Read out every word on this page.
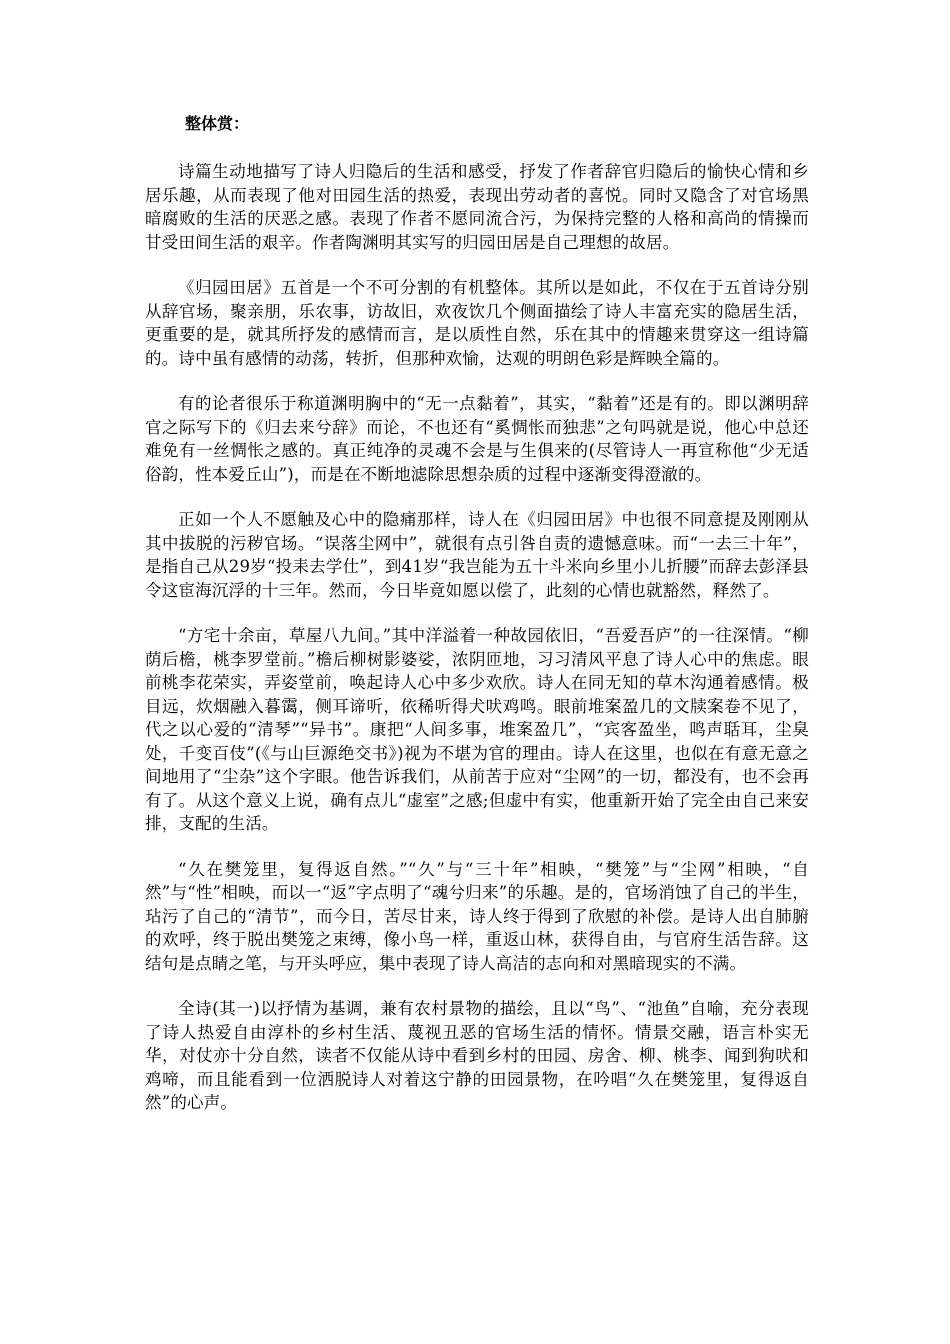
整体赏：

诗篇生动地描写了诗人归隐后的生活和感受，抒发了作者辞官归隐后的愉快心情和乡居乐趣，从而表现了他对田园生活的热爱，表现出劳动者的喜悦。同时又隐含了对官场黑暗腐败的生活的厌恶之感。表现了作者不愿同流合污，为保持完整的人格和高尚的情操而甘受田间生活的艰辛。作者陶渊明其实写的归园田居是自己理想的故居。

《归园田居》五首是一个不可分割的有机整体。其所以是如此，不仅在于五首诗分别从辞官场，聚亲朋，乐农事，访故旧，欢夜饮几个侧面描绘了诗人丰富充实的隐居生活，更重要的是，就其所抒发的感情而言，是以质性自然，乐在其中的情趣来贯穿这一组诗篇的。诗中虽有感情的动荡，转折，但那种欢愉，达观的明朗色彩是辉映全篇的。

有的论者很乐于称道渊明胸中的“无一点黏着”，其实，“黏着”还是有的。即以渊明辞官之际写下的《归去来兮辞》而论，不也还有“奚惆怅而独悲”之句吗就是说，他心中总还难免有一丝惆怅之感的。真正纯净的灵魂不会是与生俱来的(尽管诗人一再宣称他“少无适俗韵，性本爱丘山”)，而是在不断地滤除思想杂质的过程中逐渐变得澄澈的。

正如一个人不愿触及心中的隐痛那样，诗人在《归园田居》中也很不同意提及刚刚从其中拔脱的污秽官场。“误落尘网中”，就很有点引咎自责的遗憾意味。而“一去三十年”，是指自己从29岁“投耒去学仕”，到41岁“我岂能为五十斗米向乡里小儿折腰”而辞去彭泽县令这宦海沉浮的十三年。然而，今日毕竟如愿以偿了，此刻的心情也就豁然，释然了。

“方宅十余亩，草屋八九间。”其中洋溢着一种故园依旧，“吾爱吾庐”的一往深情。“柳荫后檐，桃李罗堂前。”檐后柳树影婆娑，浓阴匝地，习习清风平息了诗人心中的焦虑。眼前桃李花荣实，弄姿堂前，唤起诗人心中多少欢欣。诗人在同无知的草木沟通着感情。极目远，炊烟融入暮霭，侧耳谛听，依稀听得犬吠鸡鸣。眼前堆案盈几的文牍案卷不见了，代之以心爱的“清琴”“异书”。康把“人间多事，堆案盈几”，“宾客盈坐，鸣声聒耳，尘臭处，千变百伎”(《与山巨源绝交书》)视为不堪为官的理由。诗人在这里，也似在有意无意之间地用了“尘杂”这个字眼。他告诉我们，从前苦于应对“尘网”的一切，都没有，也不会再有了。从这个意义上说，确有点儿“虚室”之感;但虚中有实，他重新开始了完全由自己来安排，支配的生活。

“久在樊笼里，复得返自然。”“久”与“三十年”相映，“樊笼”与“尘网”相映，“自然”与“性”相映，而以一“返”字点明了“魂兮归来”的乐趣。是的，官场消蚀了自己的半生，玷污了自己的“清节”，而今日，苦尽甘来，诗人终于得到了欣慰的补偿。是诗人出自肺腑的欢呼，终于脱出樊笼之束缚，像小鸟一样，重返山林，获得自由，与官府生活告辞。这结句是点睛之笔，与开头呼应，集中表现了诗人高洁的志向和对黑暗现实的不满。

全诗(其一)以抒情为基调，兼有农村景物的描绘，且以“鸟”、“池鱼”自喻，充分表现了诗人热爱自由淳朴的乡村生活、蔑视丑恶的官场生活的情怀。情景交融，语言朴实无华，对仗亦十分自然，读者不仅能从诗中看到乡村的田园、房舍、柳、桃李、闻到狗吠和鸡啼，而且能看到一位洒脱诗人对着这宁静的田园景物，在吟唱“久在樊笼里，复得返自然”的心声。
